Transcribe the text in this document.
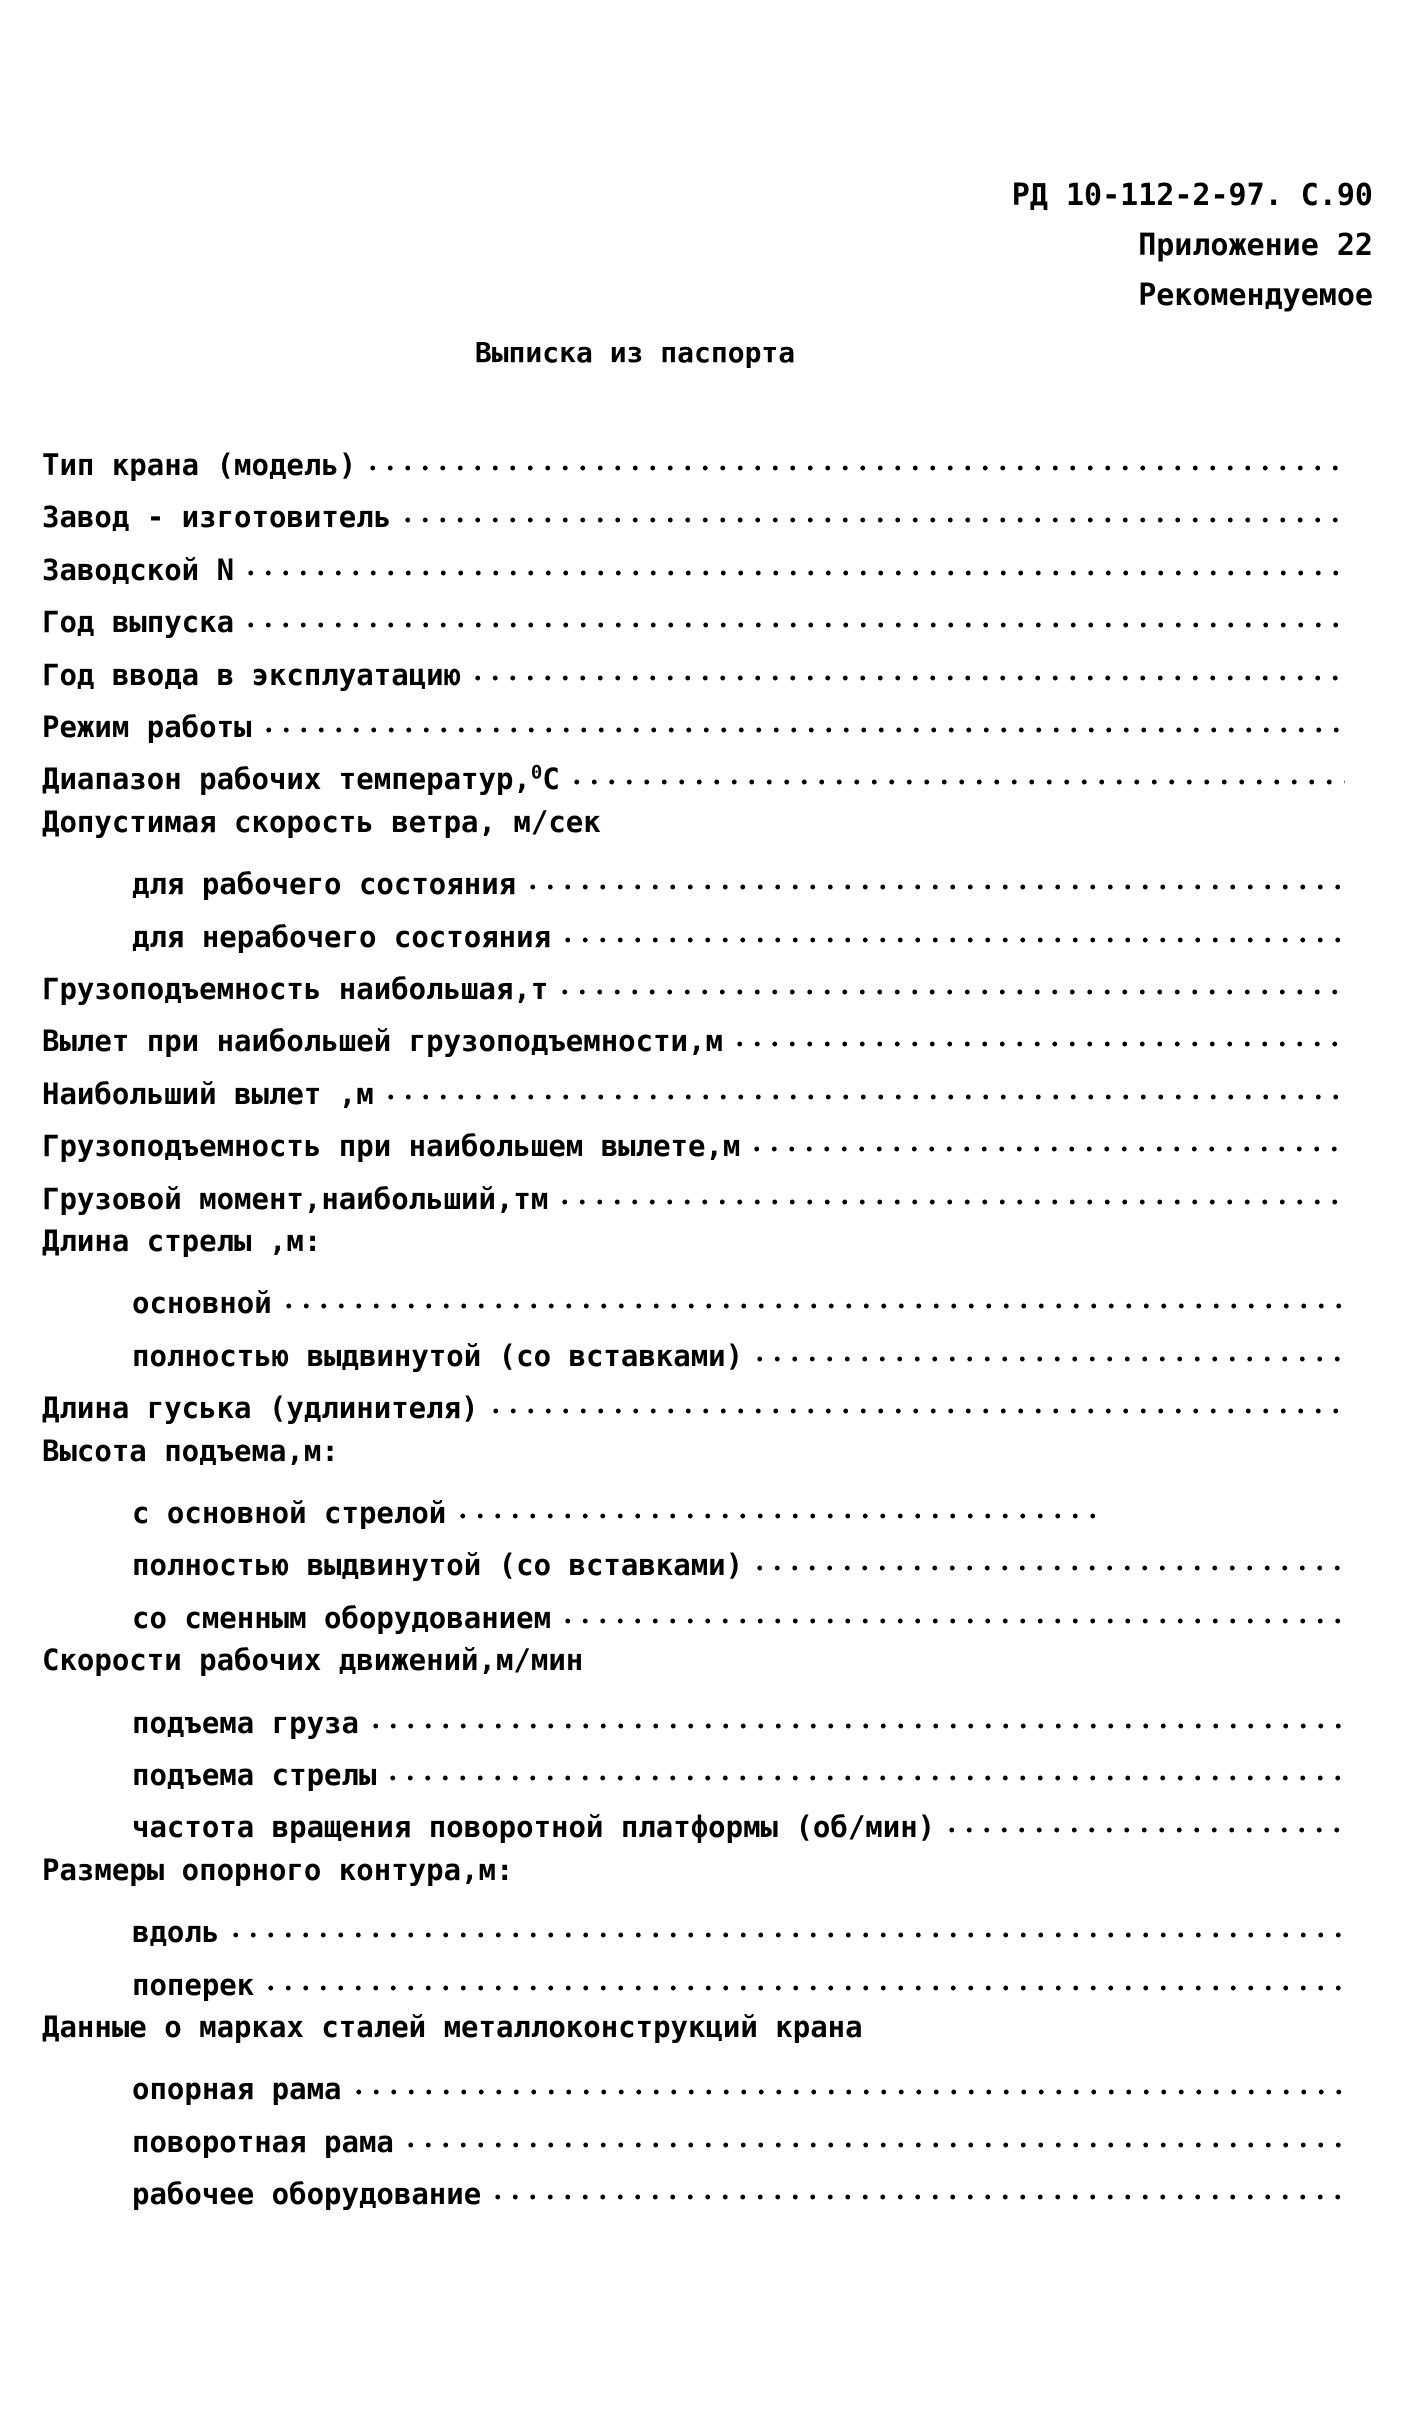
РД 10-112-2-97. С.90
Приложение 22
Рекомендуемое
Выписка из паспорта
Тип крана (модель)
Завод - изготовитель
Заводской N
Год выпуска
Год ввода в эксплуатацию
Режим работы
Диапазон рабочих температур,$^0$С
Допустимая скорость ветра, м/сек
для рабочего состояния
для нерабочего состояния
Грузоподъемность наибольшая,т
Вылет при наибольшей грузоподъемности,м
Наибольший вылет ,м
Грузоподъемность при наибольшем вылете,м
Грузовой момент,наибольший,тм
Длина стрелы ,м:
основной
полностью выдвинутой (со вставками)
Длина гуська (удлинителя)
Высота подъема,м:
с основной стрелой
полностью выдвинутой (со вставками)
со сменным оборудованием
Скорости рабочих движений,м/мин
подъема груза
подъема стрелы
частота вращения поворотной платформы (об/мин)
Размеры опорного контура,м:
вдоль
поперек
Данные о марках сталей металлоконструкций крана
опорная рама
поворотная рама
рабочее оборудование
